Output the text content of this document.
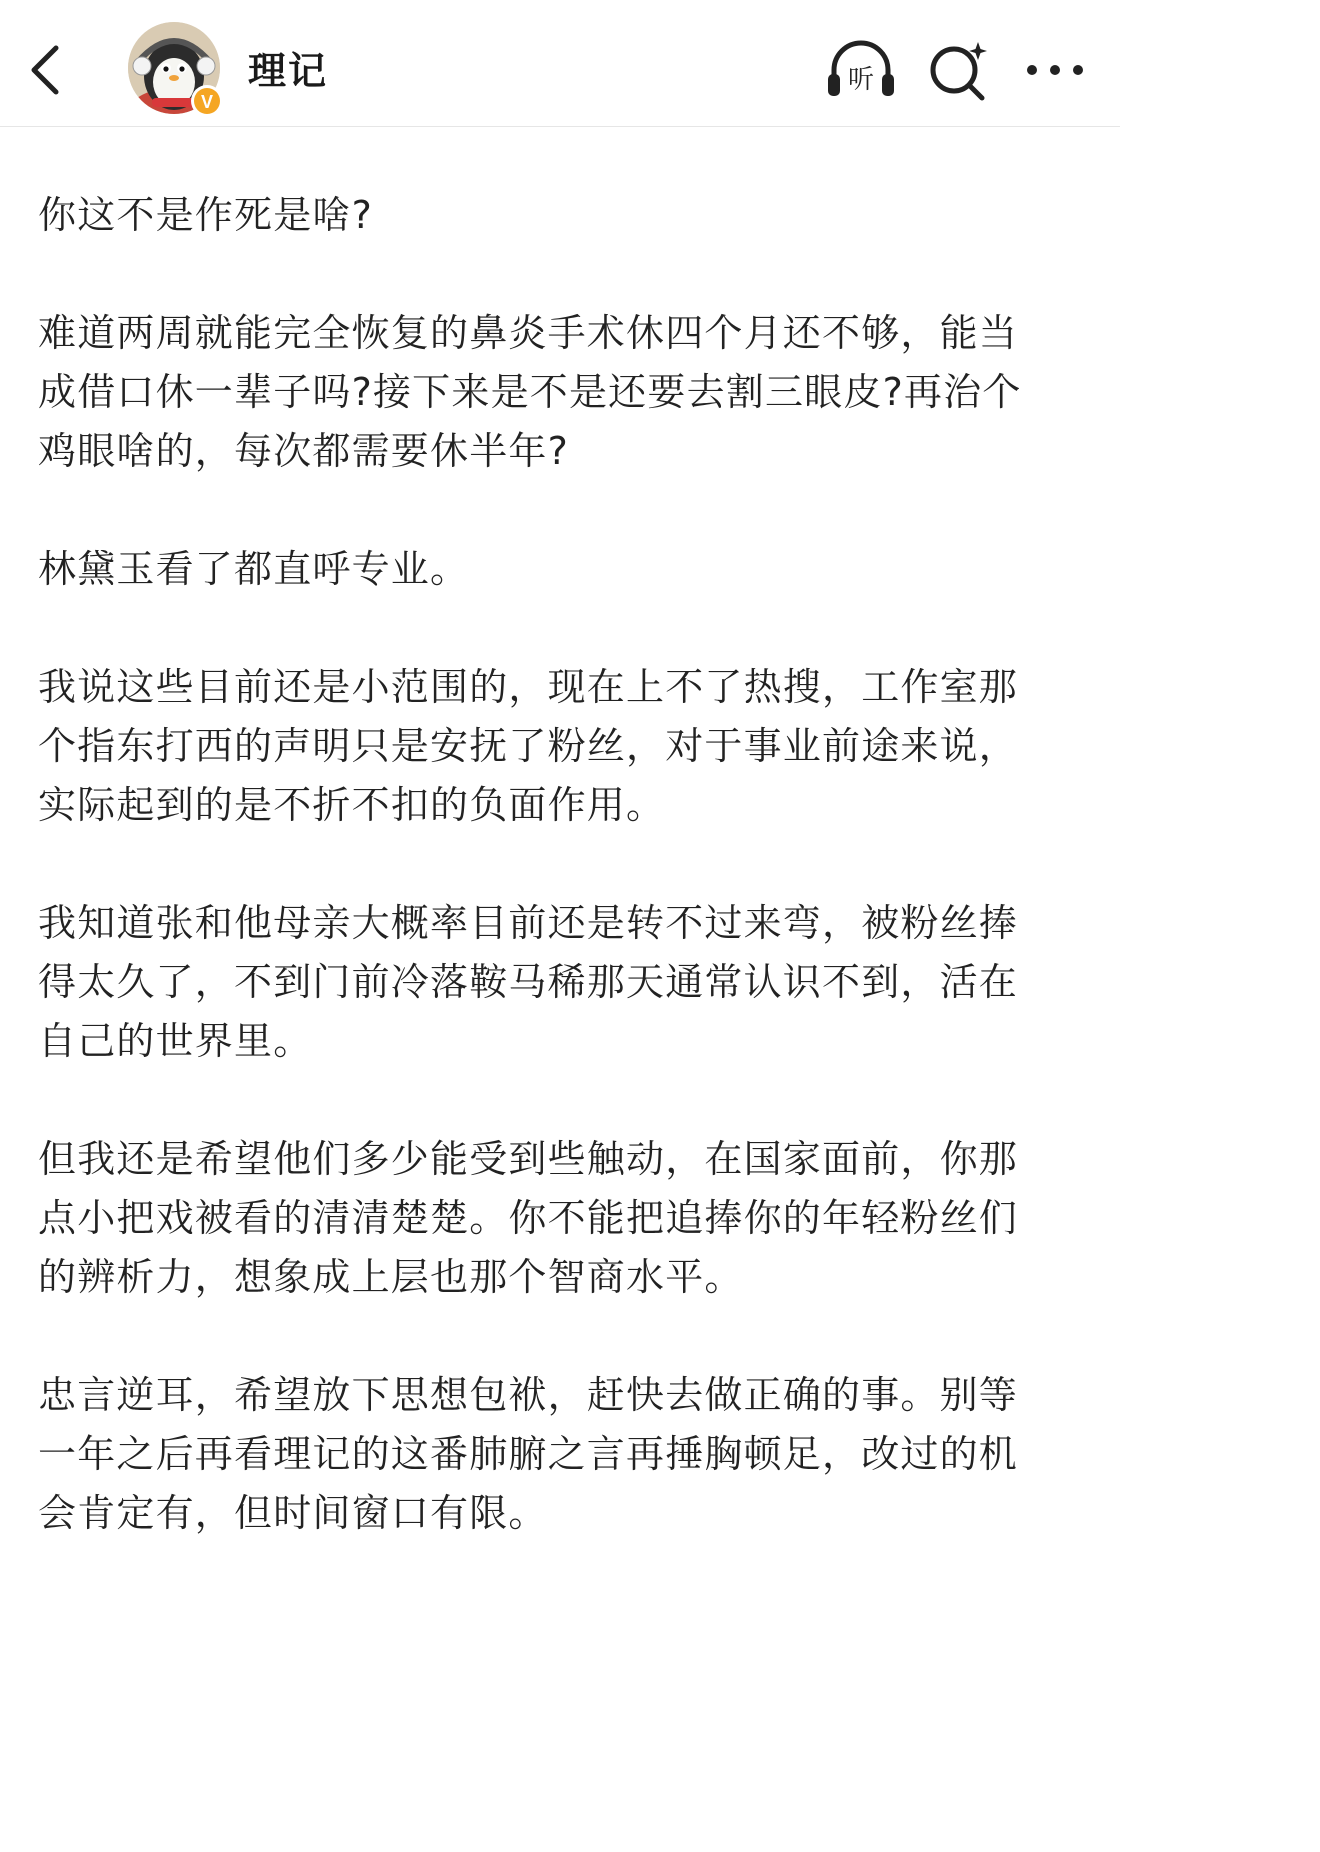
V
理记	听

你这不是作死是啥?

难道两周就能完全恢复的鼻炎手术休四个月还不够，能当成借口休一辈子吗?接下来是不是还要去割三眼皮?再治个鸡眼啥的，每次都需要休半年?

林黛玉看了都直呼专业。

我说这些目前还是小范围的，现在上不了热搜，工作室那个指东打西的声明只是安抚了粉丝，对于事业前途来说，实际起到的是不折不扣的负面作用。

我知道张和他母亲大概率目前还是转不过来弯，被粉丝捧得太久了，不到门前冷落鞍马稀那天通常认识不到，活在自己的世界里。

但我还是希望他们多少能受到些触动，在国家面前，你那点小把戏被看的清清楚楚。你不能把追捧你的年轻粉丝们的辨析力，想象成上层也那个智商水平。

忠言逆耳，希望放下思想包袱，赶快去做正确的事。别等一年之后再看理记的这番肺腑之言再捶胸顿足，改过的机会肯定有，但时间窗口有限。
